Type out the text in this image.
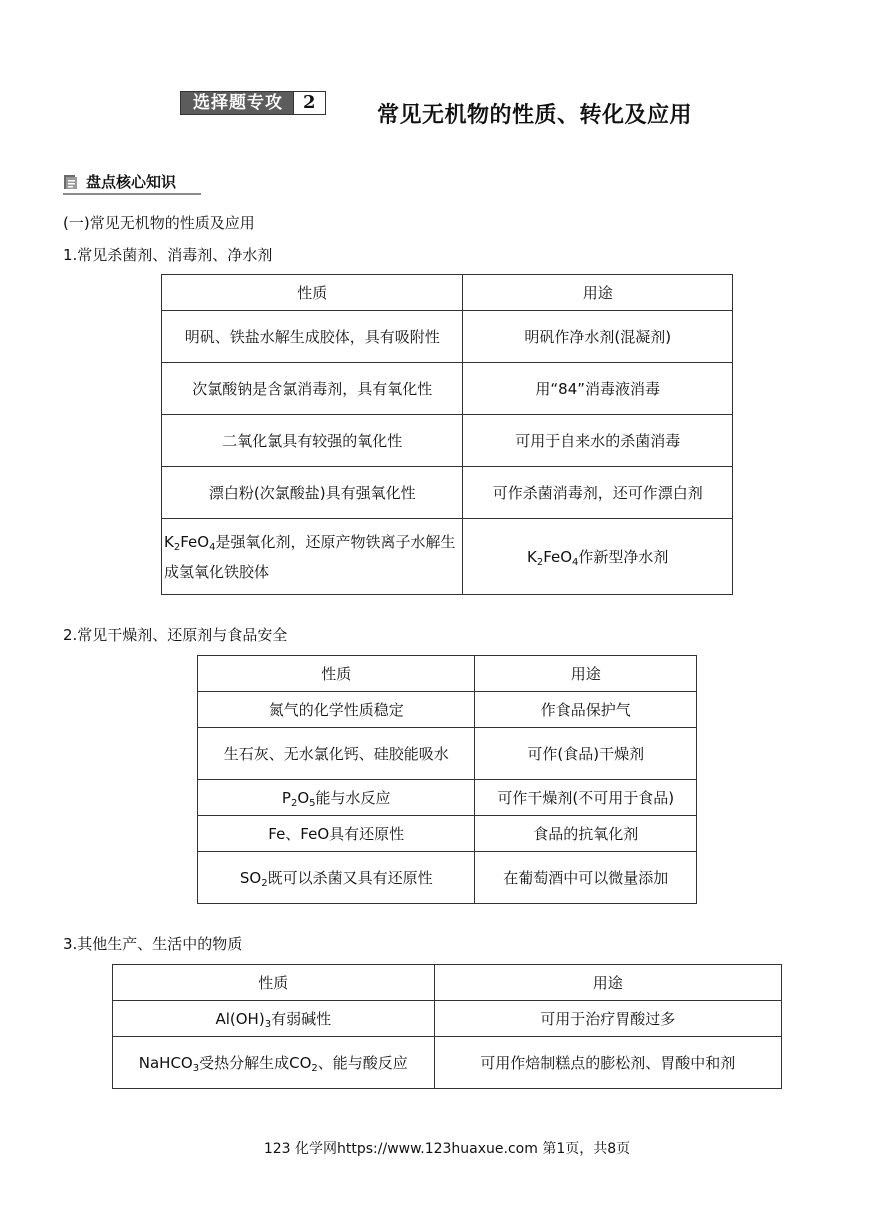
选择题专攻	2
常见无机物的性质、转化及应用
盘点核心知识
(一)常见无机物的性质及应用
1.常见杀菌剂、消毒剂、净水剂
性质	用途
明矾、铁盐水解生成胶体，具有吸附性	明矾作净水剂(混凝剂)
次氯酸钠是含氯消毒剂，具有氧化性	用“84”消毒液消毒
二氧化氯具有较强的氧化性	可用于自来水的杀菌消毒
漂白粉(次氯酸盐)具有强氧化性	可作杀菌消毒剂，还可作漂白剂
$K_2FeO_4$是强氧化剂，还原产物铁离子水解生成氢氧化铁胶体	$K_2FeO_4$作新型净水剂
2.常见干燥剂、还原剂与食品安全
性质	用途
氮气的化学性质稳定	作食品保护气
生石灰、无水氯化钙、硅胶能吸水	可作(食品)干燥剂
$P_2O_5$能与水反应	可作干燥剂(不可用于食品)
Fe、FeO具有还原性	食品的抗氧化剂
$SO_2$既可以杀菌又具有还原性	在葡萄酒中可以微量添加
3.其他生产、生活中的物质
性质	用途
$Al(OH)_3$有弱碱性	可用于治疗胃酸过多
NaHCO$_3$受热分解生成$CO_2$、能与酸反应	可用作焙制糕点的膨松剂、胃酸中和剂
123 化学网https://www.123huaxue.com 第1页，共8页
